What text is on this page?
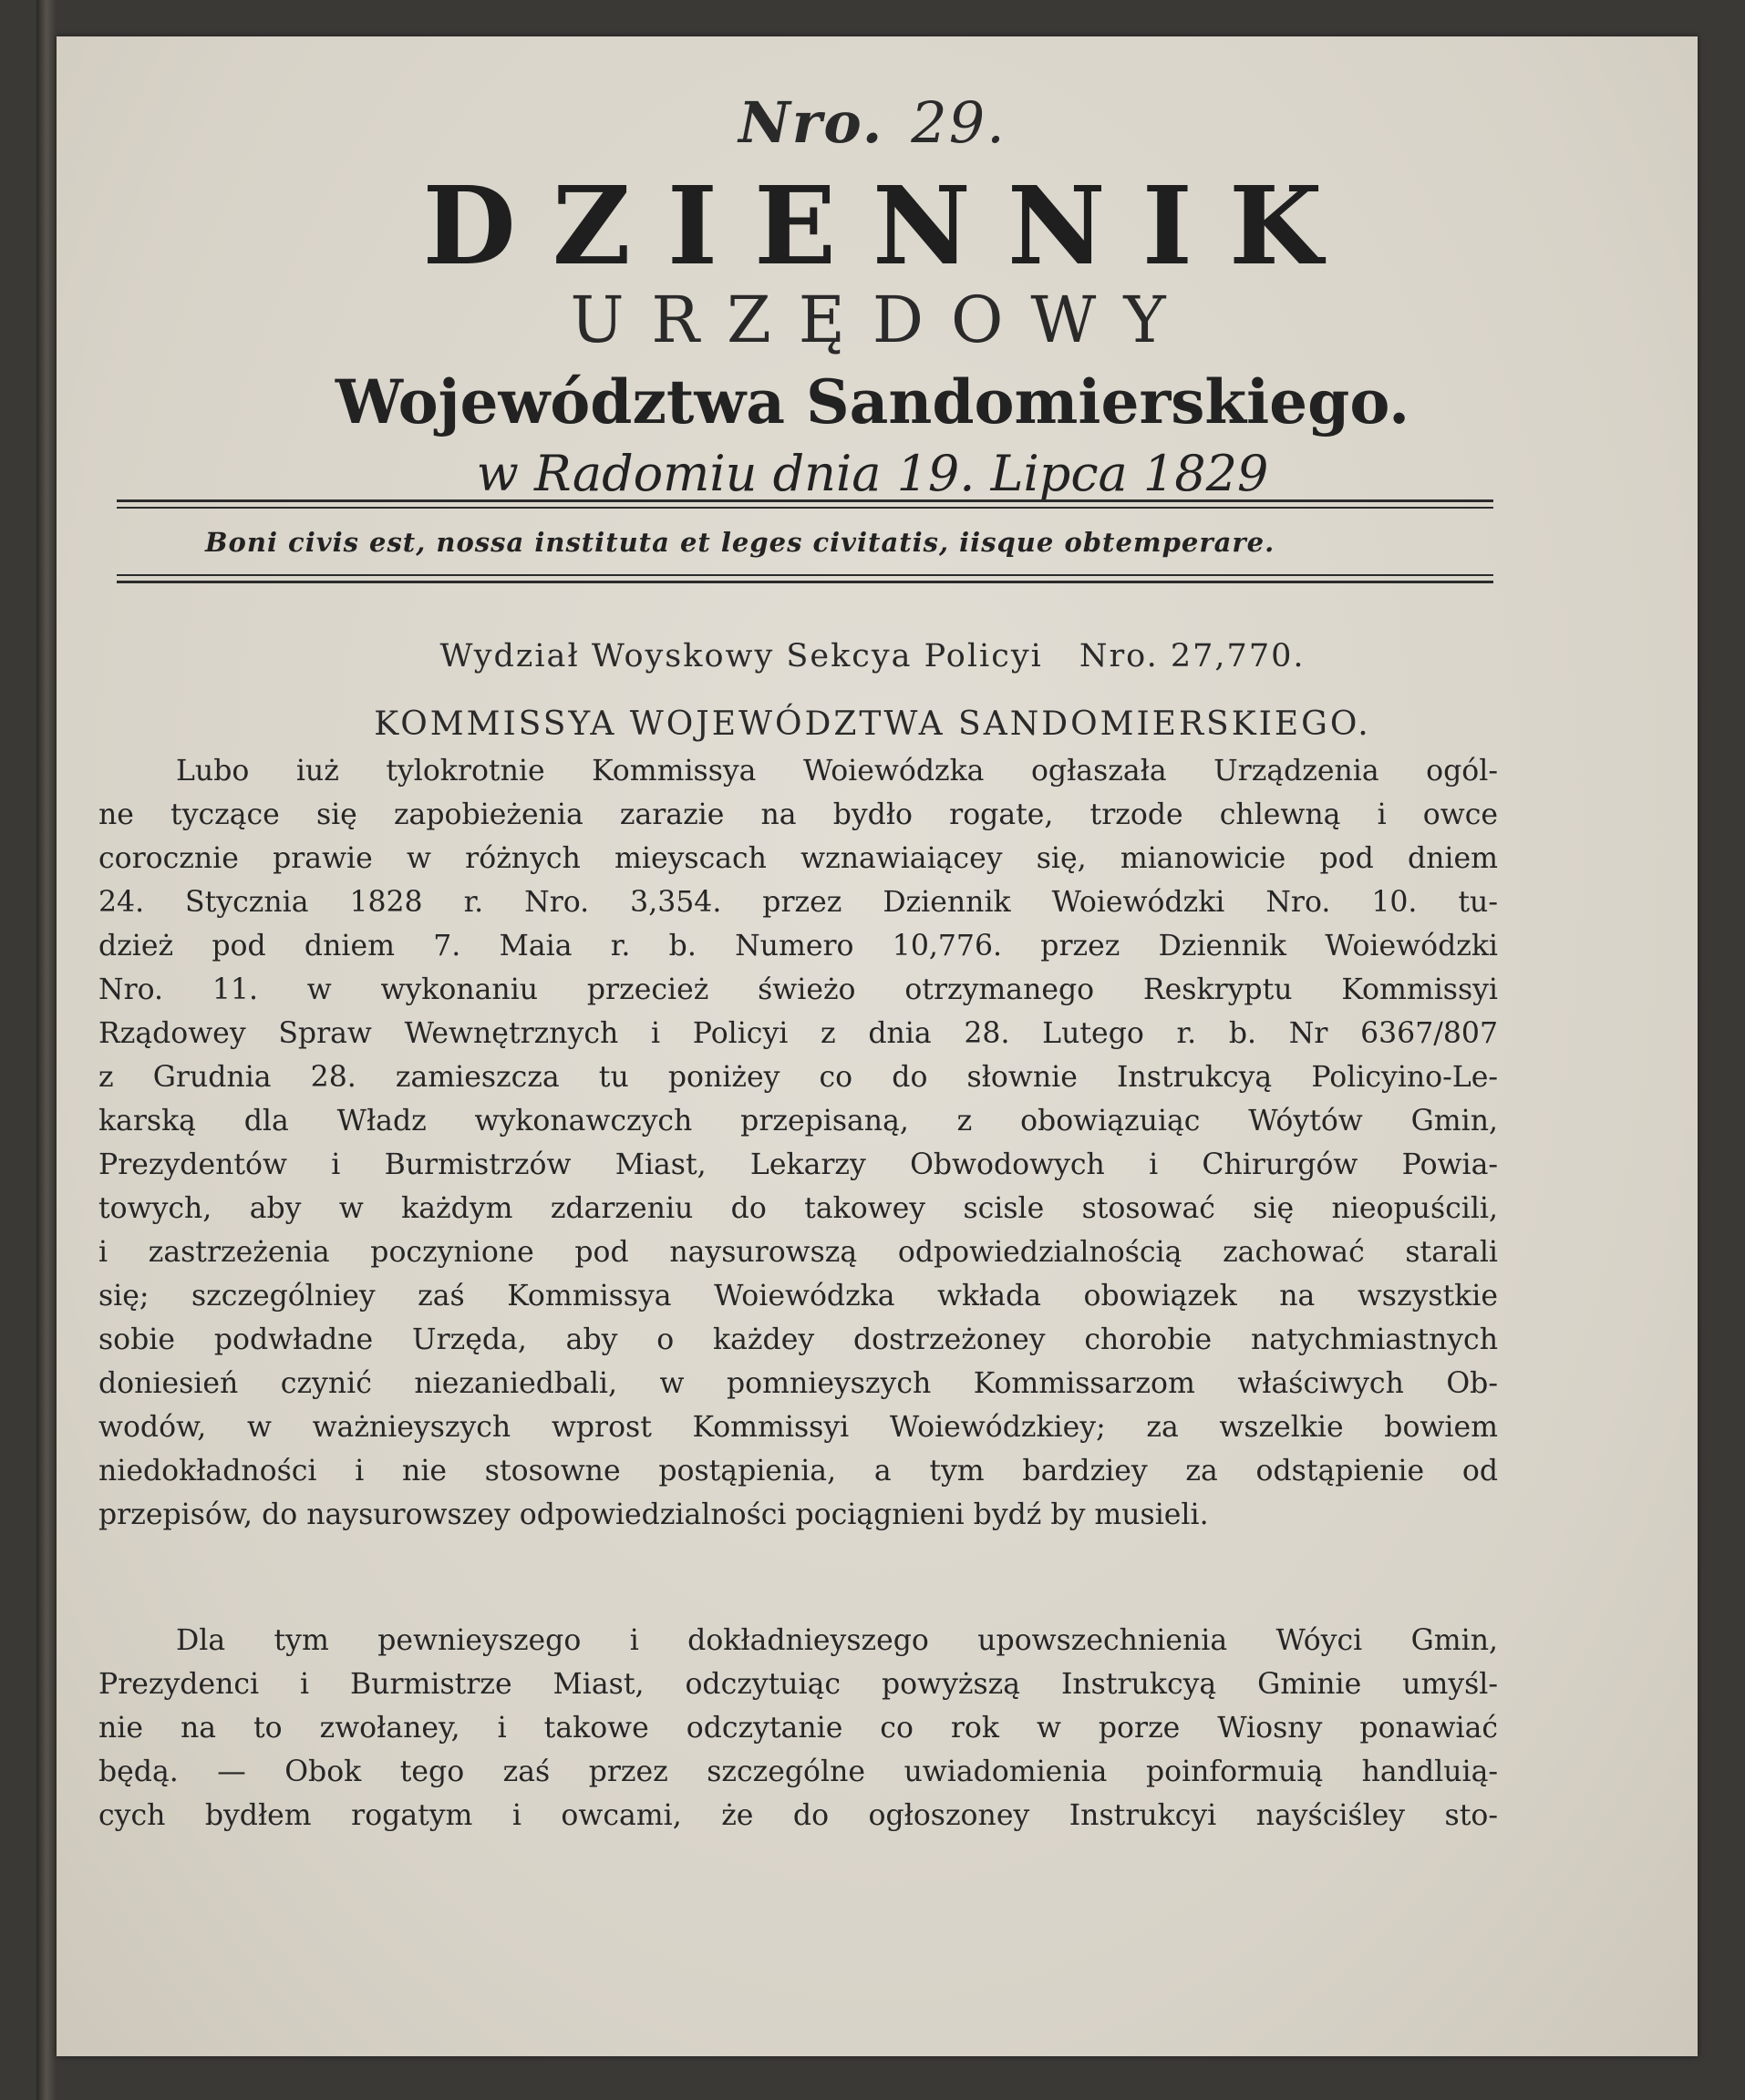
Nro. 29.
DZIENNIK
URZĘDOWY
Województwa Sandomierskiego.
w Radomiu dnia 19. Lipca 1829
Boni civis est, nossa instituta et leges civitatis, iisque obtemperare.
Wydział Woyskowy Sekcya Policyi Nro. 27,770.
KOMMISSYA WOJEWÓDZTWA SANDOMIERSKIEGO.
Lubo iuż tylokrotnie Kommissya Woiewódzka ogłaszała Urządzenia ogól-
ne tyczące się zapobieżenia zarazie na bydło rogate, trzode chlewną i owce
corocznie prawie w różnych mieyscach wznawiaiącey się, mianowicie pod dniem
24. Stycznia 1828 r. Nro. 3,354. przez Dziennik Woiewódzki Nro. 10. tu-
dzież pod dniem 7. Maia r. b. Numero 10,776. przez Dziennik Woiewódzki
Nro. 11. w wykonaniu przecież świeżo otrzymanego Reskryptu Kommissyi
Rządowey Spraw Wewnętrznych i Policyi z dnia 28. Lutego r. b. Nr 6367/807
z Grudnia 28. zamieszcza tu poniżey co do słownie Instrukcyą Policyino-Le-
karską dla Władz wykonawczych przepisaną, z obowiązuiąc Wóytów Gmin,
Prezydentów i Burmistrzów Miast, Lekarzy Obwodowych i Chirurgów Powia-
towych, aby w każdym zdarzeniu do takowey scisle stosować się nieopuścili,
i zastrzeżenia poczynione pod naysurowszą odpowiedzialnością zachować starali
się; szczególniey zaś Kommissya Woiewódzka wkłada obowiązek na wszystkie
sobie podwładne Urzęda, aby o każdey dostrzeżoney chorobie natychmiastnych
doniesień czynić niezaniedbali, w pomnieyszych Kommissarzom właściwych Ob-
wodów, w ważnieyszych wprost Kommissyi Woiewódzkiey; za wszelkie bowiem
niedokładności i nie stosowne postąpienia, a tym bardziey za odstąpienie od
przepisów, do naysurowszey odpowiedzialności pociągnieni bydź by musieli.
Dla tym pewnieyszego i dokładnieyszego upowszechnienia Wóyci Gmin,
Prezydenci i Burmistrze Miast, odczytuiąc powyższą Instrukcyą Gminie umyśl-
nie na to zwołaney, i takowe odczytanie co rok w porze Wiosny ponawiać
będą. — Obok tego zaś przez szczególne uwiadomienia poinformuią handluią-
cych bydłem rogatym i owcami, że do ogłoszoney Instrukcyi nayściśley sto-
